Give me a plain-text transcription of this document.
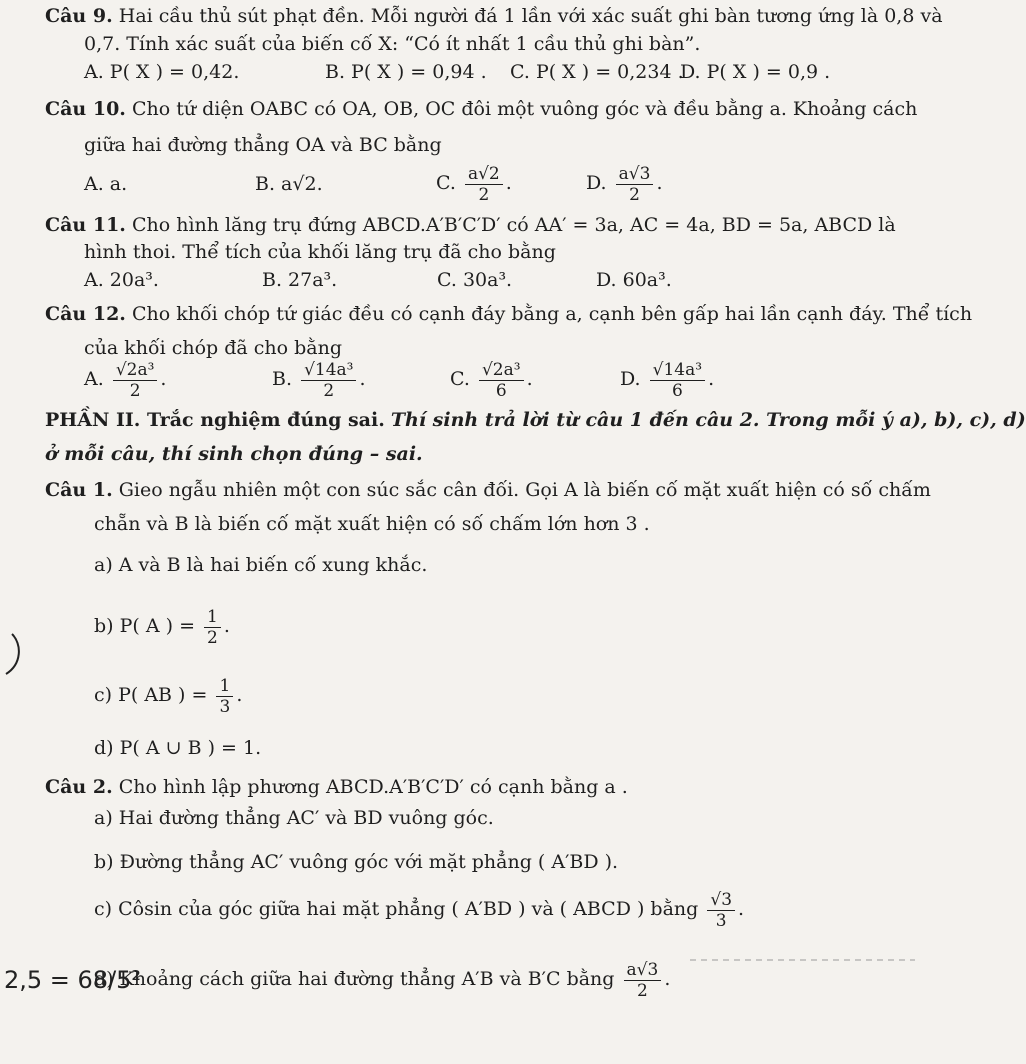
Câu 9. Hai cầu thủ sút phạt đền. Mỗi người đá 1 lần với xác suất ghi bàn tương ứng là 0,8 và
0,7. Tính xác suất của biến cố X: “Có ít nhất 1 cầu thủ ghi bàn”.
A. P( X ) = 0,42.	B. P( X ) = 0,94 . C. P( X ) = 0,234 .
D. P( X ) = 0,9 .
Câu 10. Cho tứ diện OABC có OA, OB, OC đôi một vuông góc và đều bằng a. Khoảng cách
giữa hai đường thẳng OA và BC bằng
A. a.	B. a√2.	C. $\frac{a√2}{2}$ .	D. $\frac{a√3}{2}$ .
Câu 11. Cho hình lăng trụ đứng ABCD.A′B′C′D′ có AA′ = 3a, AC = 4a, BD = 5a, ABCD là
hình thoi. Thể tích của khối lăng trụ đã cho bằng
A. 20a³.	B. 27a³.	C. 30a³.	D. 60a³.
Câu 12. Cho khối chóp tứ giác đều có cạnh đáy bằng a, cạnh bên gấp hai lần cạnh đáy. Thể tích
của khối chóp đã cho bằng
A. $\frac{\text{√2a³}}{2}$ .	B. $\frac{\text{√14a³}}{2}$ .	C. $\frac{\text{√2a³}}{6}$ .	D. $\frac{\text{√14a³}}{6}$ .
PHẦN II. Trắc nghiệm đúng sai. Thí sinh trả lời từ câu 1 đến câu 2. Trong mỗi ý a), b), c), d)
ở mỗi câu, thí sinh chọn đúng – sai.
Câu 1. Gieo ngẫu nhiên một con súc sắc cân đối. Gọi A là biến cố mặt xuất hiện có số chấm
chẵn và B là biến cố mặt xuất hiện có số chấm lớn hơn 3 .
a) A và B là hai biến cố xung khắc.
b) P( A ) = $\frac{1}{2}$ .
c) P( AB ) = $\frac{1}{3}$ .
d) P( A ∪ B ) = 1.
Câu 2. Cho hình lập phương ABCD.A′B′C′D′ có cạnh bằng a .
a) Hai đường thẳng AC′ và BD vuông góc.
b) Đường thẳng AC′ vuông góc với mặt phẳng ( A′BD ).
c) Côsin của góc giữa hai mặt phẳng ( A′BD ) và ( ABCD ) bằng $\frac{√3}{3}$ .
d) Khoảng cách giữa hai đường thẳng A′B và B′C bằng $\frac{a√3}{2}$ .
2,5 = 68/5²
